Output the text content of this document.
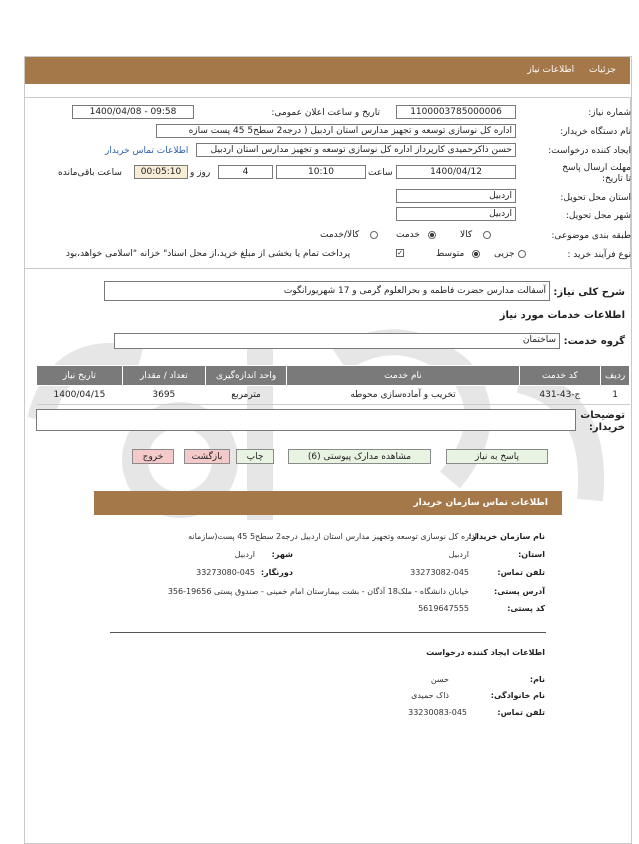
جزئیات اطلاعات نیاز
شماره نیاز:
1100003785000006
تاریخ و ساعت اعلان عمومی:
1400/04/08 - 09:58
نام دستگاه خریدار:
اداره کل نوسازی توسعه و تجهیز مدارس استان اردبیل ( درجه2 سطح5 45 پست سازه
ایجاد کننده درخواست:
حسن ذاکرحمیدی کارپرداز اداره کل نوسازی توسعه و تجهیز مدارس استان اردبیل
اطلاعات تماس خریدار
مهلت ارسال پاسخ تا تاریخ:
1400/04/12
ساعت
10:10
4
روز و
00:05:10
ساعت باقی‌مانده
استان محل تحویل:
اردبیل
شهر محل تحویل:
اردبیل
طبقه بندی موضوعی:
کالا
خدمت
کالا/خدمت
نوع فرآیند خرید :
جزیی
متوسط
✓
پرداخت تمام یا بخشی از مبلغ خرید،از محل اسناد" خزانه "اسلامی خواهد،بود
شرح کلی نیاز:
آسفالت مدارس حضرت فاطمه و بحرالعلوم گرمی و 17 شهریورانگوت
اطلاعات خدمات مورد نیاز
گروه خدمت:
ساختمان
ردیف	کد خدمت	نام خدمت	واحد اندازه‌گیری	تعداد / مقدار	تاریخ نیاز
1	ج-43-431	تخریب و آماده‌سازی محوطه	مترمربع	3695	1400/04/15
توضیحات خریدار:
پاسخ به نیاز
مشاهده مدارک پیوستی (6)
چاپ
بازگشت
خروج
اطلاعات تماس سازمان خریدار
نام سازمان خریدار:
اداره کل نوسازی توسعه وتجهیز مدارس استان اردبیل درجه2 سطح5 45 پست(سازمانه
استان:
اردبیل
شهر:
اردبیل
تلفن تماس:
33273082-045
دورنگار:
33273080-045
آدرس پستی:
خیابان دانشگاه - ملک18 آذگان - بشت بیمارستان امام خمینی - صندوق پستی 19656-356
کد پستی:
5619647555
اطلاعات ایجاد کننده درخواست
نام:
حسن
نام خانوادگی:
ذاک حمیدی
تلفن تماس:
33230083-045
